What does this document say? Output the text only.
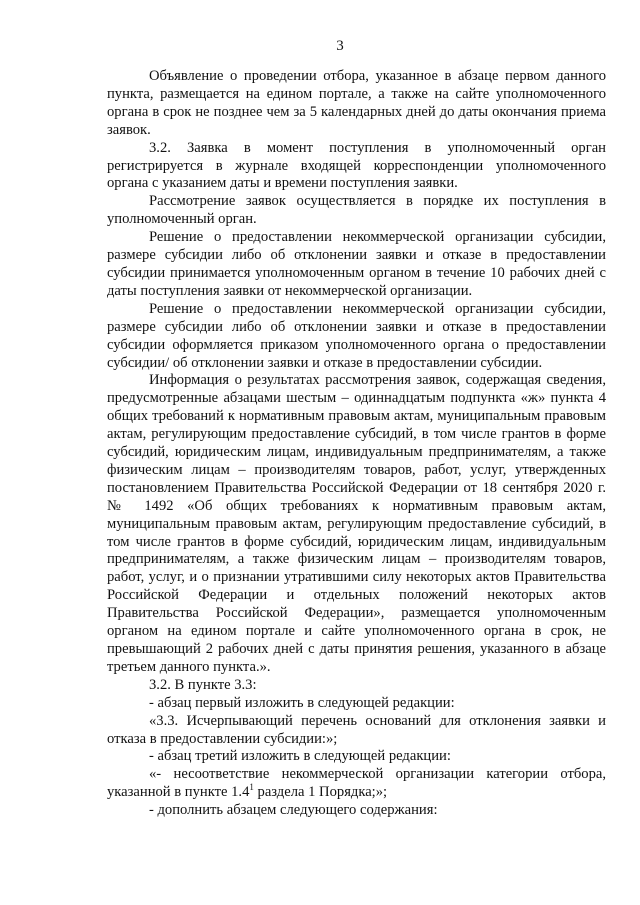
3

Объявление о проведении отбора, указанное в абзаце первом данного пункта, размещается на едином портале, а также на сайте уполномоченного органа в срок не позднее чем за 5 календарных дней до даты окончания приема заявок.

3.2. Заявка в момент поступления в уполномоченный орган регистрируется в журнале входящей корреспонденции уполномоченного органа с указанием даты и времени поступления заявки.

Рассмотрение заявок осуществляется в порядке их поступления в уполномоченный орган.

Решение о предоставлении некоммерческой организации субсидии, размере субсидии либо об отклонении заявки и отказе в предоставлении субсидии принимается уполномоченным органом в течение 10 рабочих дней с даты поступления заявки от некоммерческой организации.

Решение о предоставлении некоммерческой организации субсидии, размере субсидии либо об отклонении заявки и отказе в предоставлении субсидии оформляется приказом уполномоченного органа о предоставлении субсидии/ об отклонении заявки и отказе в предоставлении субсидии.

Информация о результатах рассмотрения заявок, содержащая сведения, предусмотренные абзацами шестым – одиннадцатым подпункта «ж» пункта 4 общих требований к нормативным правовым актам, муниципальным правовым актам, регулирующим предоставление субсидий, в том числе грантов в форме субсидий, юридическим лицам, индивидуальным предпринимателям, а также физическим лицам – производителям товаров, работ, услуг, утвержденных постановлением Правительства Российской Федерации от 18 сентября 2020 г. № 1492 «Об общих требованиях к нормативным правовым актам, муниципальным правовым актам, регулирующим предоставление субсидий, в том числе грантов в форме субсидий, юридическим лицам, индивидуальным предпринимателям, а также физическим лицам – производителям товаров, работ, услуг, и о признании утратившими силу некоторых актов Правительства Российской Федерации и отдельных положений некоторых актов Правительства Российской Федерации», размещается уполномоченным органом на едином портале и сайте уполномоченного органа в срок, не превышающий 2 рабочих дней с даты принятия решения, указанного в абзаце третьем данного пункта.».

3.2. В пункте 3.3:

- абзац первый изложить в следующей редакции:

«3.3. Исчерпывающий перечень оснований для отклонения заявки и отказа в предоставлении субсидии:»;

- абзац третий изложить в следующей редакции:

«- несоответствие некоммерческой организации категории отбора, указанной в пункте $1.4^1$ раздела 1 Порядка;»;

- дополнить абзацем следующего содержания:
